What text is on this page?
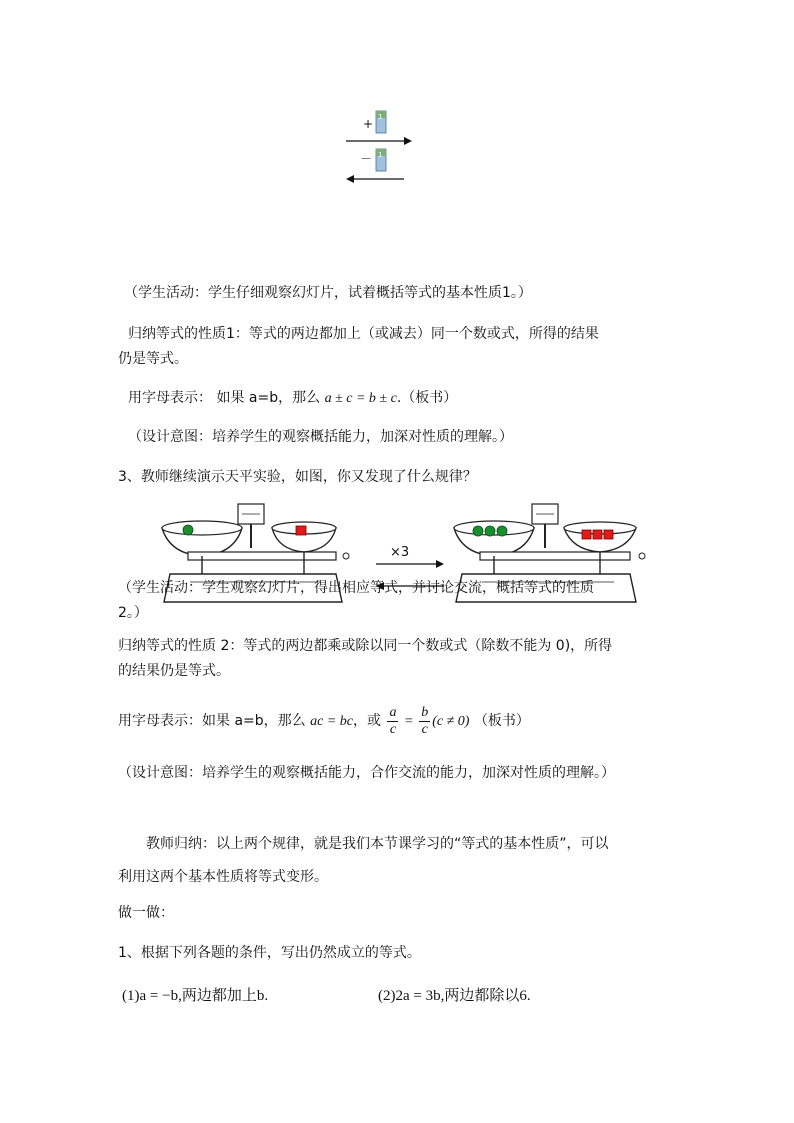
+ 1
－ 1
（学生活动：学生仔细观察幻灯片，试着概括等式的基本性质1。）
归纳等式的性质1：等式的两边都加上（或减去）同一个数或式，所得的结果
仍是等式。
用字母表示： 如果 a=b，那么 a ± c = b ± c.（板书）
（设计意图：培养学生的观察概括能力，加深对性质的理解。）
3、教师继续演示天平实验，如图，你又发现了什么规律？
×3
（学生活动：学生观察幻灯片，得出相应等式，并讨论交流，概括等式的性质
2。）
归纳等式的性质 2：等式的两边都乘或除以同一个数或式（除数不能为 0)，所得
的结果仍是等式。
用字母表示：如果 a=b，那么 ac = bc，或 $\frac{a}{c} = \frac{b}{c} (c \ne 0)$ （板书）
（设计意图：培养学生的观察概括能力，合作交流的能力，加深对性质的理解。）
教师归纳：以上两个规律，就是我们本节课学习的“等式的基本性质”，可以
利用这两个基本性质将等式变形。
做一做：
1、根据下列各题的条件，写出仍然成立的等式。
(1)a = −b,两边都加上b.	(2)2a = 3b,两边都除以6.
